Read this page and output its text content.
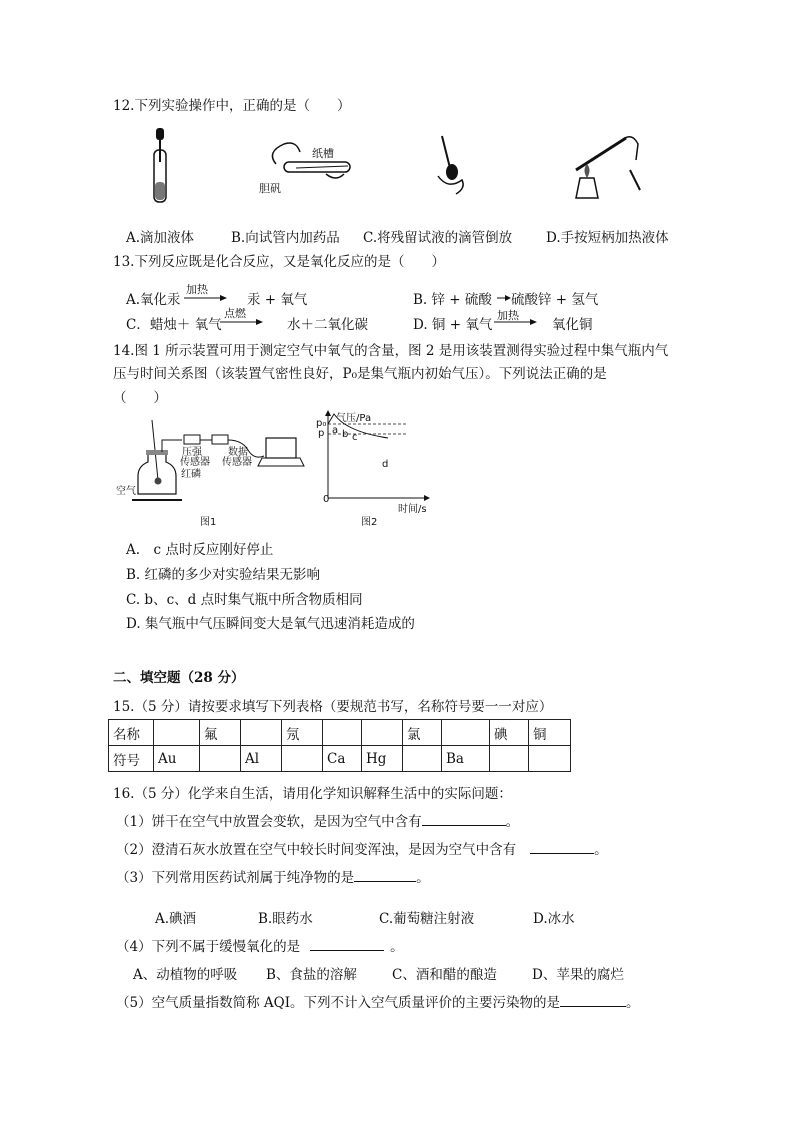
12.下列实验操作中，正确的是（　　）
纸槽
胆矾
A.滴加液体	B.向试管内加药品 C.将残留试液的滴管倒放	D.手按短柄加热液体
13.下列反应既是化合反应，又是氧化反应的是（　　）
A.氧化汞
加热
汞 + 氧气	B. 锌 + 硫酸 硫酸锌 + 氢气
C．蜡烛＋ 氧气
点燃
水＋二氧化碳	D. 铜 + 氧气
加热
氧化铜
14.图 1 所示装置可用于测定空气中氧气的含量，图 2 是用该装置测得实验过程中集气瓶内气
压与时间关系图（该装置气密性良好，P₀是集气瓶内初始气压）。下列说法正确的是
（　　）
压强
传感器
数据
传感器
红磷
空气
图1
气压/Pa
p₀
p
0
a b c
d
时间/s
图2
A.　c 点时反应刚好停止
B. 红磷的多少对实验结果无影响
C. b、c、d 点时集气瓶中所含物质相同
D. 集气瓶中气压瞬间变大是氧气迅速消耗造成的
二、填空题（28 分）
15.（5 分）请按要求填写下列表格（要规范书写，名称符号要一一对应）
名称		氟		氖			氯		碘	铜
符号	Au		Al		Ca	Hg		Ba		
16.（5 分）化学来自生活，请用化学知识解释生活中的实际问题：
（1）饼干在空气中放置会变软，是因为空气中含有	。
（2）澄清石灰水放置在空气中较长时间变浑浊，是因为空气中含有	。
（3）下列常用医药试剂属于纯净物的是	。
A.碘酒	B.眼药水	C.葡萄糖注射液	D.冰水
（4）下列不属于缓慢氧化的是	。
A、动植物的呼吸 B、食盐的溶解	C、酒和醋的酿造	D、苹果的腐烂
（5）空气质量指数简称 AQI。下列不计入空气质量评价的主要污染物的是	。
